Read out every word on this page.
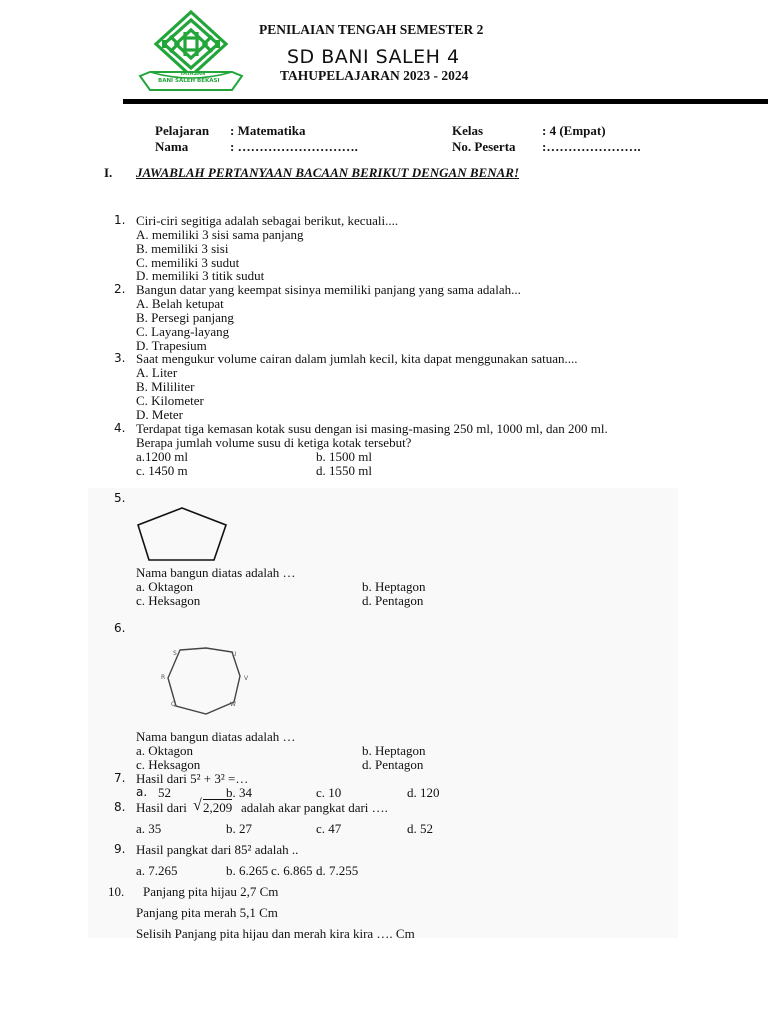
YAYASAN
BANI SALEH BEKASI
PENILAIAN TENGAH SEMESTER 2
SD BANI SALEH 4
TAHUPELAJARAN 2023 - 2024
Pelajaran : Matematika
Nama	: ……………………….
Kelas	: 4 (Empat)
No. Peserta :………………….
I. JAWABLAH PERTANYAAN BACAAN BERIKUT DENGAN BENAR!
1. Ciri-ciri segitiga adalah sebagai berikut, kecuali....
A. memiliki 3 sisi sama panjang
B. memiliki 3 sisi
C. memiliki 3 sudut
D. memiliki 3 titik sudut
2. Bangun datar yang keempat sisinya memiliki panjang yang sama adalah...
A. Belah ketupat
B. Persegi panjang
C. Layang-layang
D. Trapesium
3. Saat mengukur volume cairan dalam jumlah kecil, kita dapat menggunakan satuan....
A. Liter
B. Mililiter
C. Kilometer
D. Meter
4. Terdapat tiga kemasan kotak susu dengan isi masing-masing 250 ml, 1000 ml, dan 200 ml.
Berapa jumlah volume susu di ketiga kotak tersebut?
a.1200 ml	b. 1500 ml
c. 1450 m	d. 1550 ml
5.
Nama bangun diatas adalah …
a. Oktagon	b. Heptagon
c. Heksagon	d. Pentagon
6.
S	U
R	V
Q	W
Nama bangun diatas adalah …
a. Oktagon	b. Heptagon
c. Heksagon	d. Pentagon
7. Hasil dari 5² + 3² =…
a. 52	b. 34	c. 10	d. 120
8. Hasil dari √ 2,209 adalah akar pangkat dari ….
a. 35	b. 27	c. 47	d. 52
9. Hasil pangkat dari 85² adalah ..
a. 7.265	b. 6.265 c. 6.865 d. 7.255
10. Panjang pita hijau 2,7 Cm
Panjang pita merah 5,1 Cm
Selisih Panjang pita hijau dan merah kira kira …. Cm
